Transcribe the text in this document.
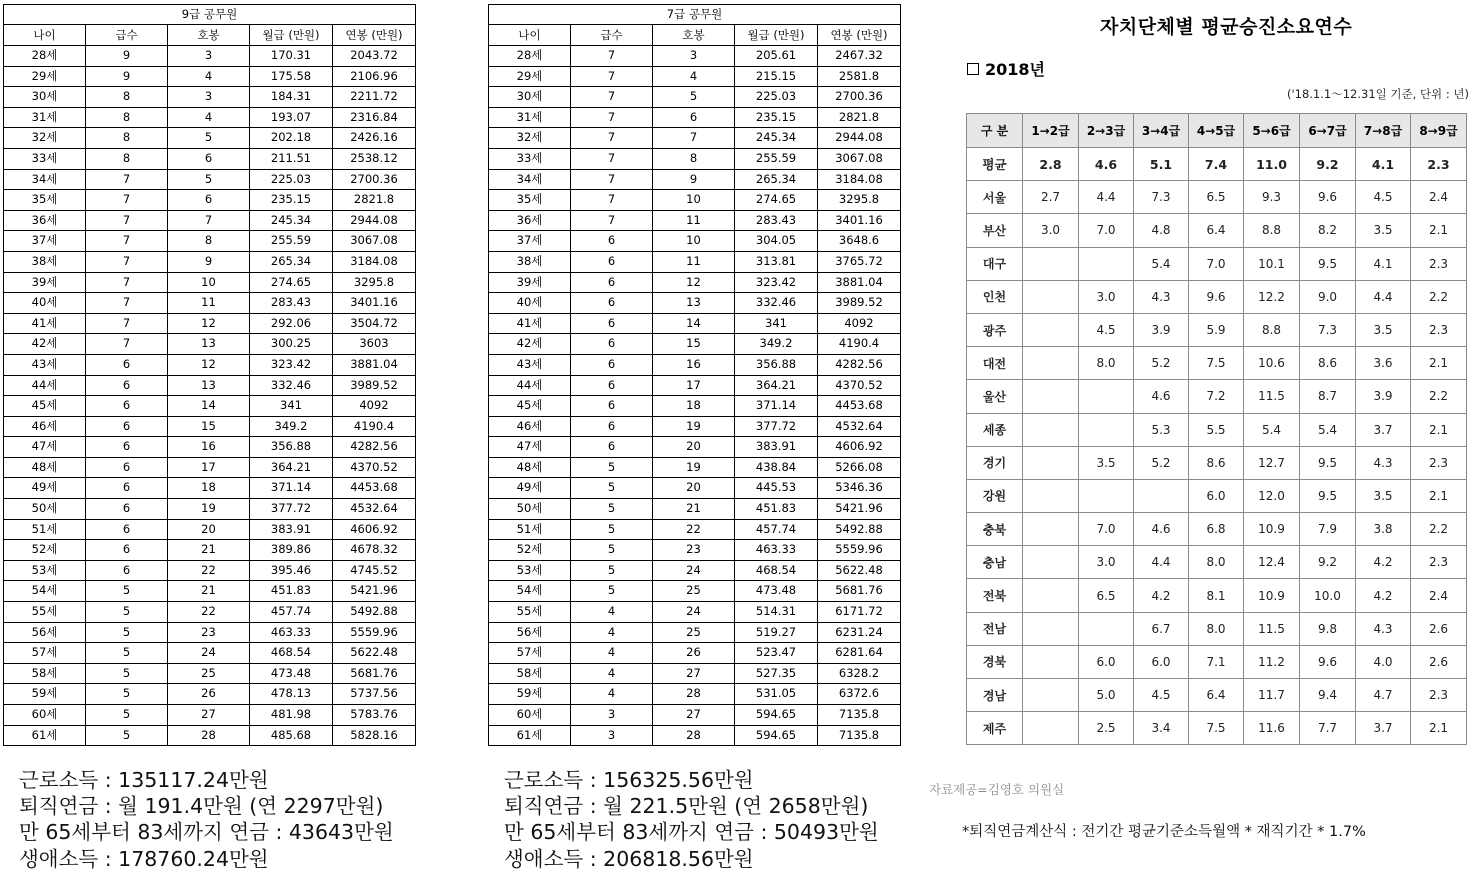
9급 공무원				
나이	급수	호봉	월급 (만원)	연봉 (만원)
28세	9	3	170.31	2043.72
29세	9	4	175.58	2106.96
30세	8	3	184.31	2211.72
31세	8	4	193.07	2316.84
32세	8	5	202.18	2426.16
33세	8	6	211.51	2538.12
34세	7	5	225.03	2700.36
35세	7	6	235.15	2821.8
36세	7	7	245.34	2944.08
37세	7	8	255.59	3067.08
38세	7	9	265.34	3184.08
39세	7	10	274.65	3295.8
40세	7	11	283.43	3401.16
41세	7	12	292.06	3504.72
42세	7	13	300.25	3603
43세	6	12	323.42	3881.04
44세	6	13	332.46	3989.52
45세	6	14	341	4092
46세	6	15	349.2	4190.4
47세	6	16	356.88	4282.56
48세	6	17	364.21	4370.52
49세	6	18	371.14	4453.68
50세	6	19	377.72	4532.64
51세	6	20	383.91	4606.92
52세	6	21	389.86	4678.32
53세	6	22	395.46	4745.52
54세	5	21	451.83	5421.96
55세	5	22	457.74	5492.88
56세	5	23	463.33	5559.96
57세	5	24	468.54	5622.48
58세	5	25	473.48	5681.76
59세	5	26	478.13	5737.56
60세	5	27	481.98	5783.76
61세	5	28	485.68	5828.16
7급 공무원				
나이	급수	호봉	월급 (만원)	연봉 (만원)
28세	7	3	205.61	2467.32
29세	7	4	215.15	2581.8
30세	7	5	225.03	2700.36
31세	7	6	235.15	2821.8
32세	7	7	245.34	2944.08
33세	7	8	255.59	3067.08
34세	7	9	265.34	3184.08
35세	7	10	274.65	3295.8
36세	7	11	283.43	3401.16
37세	6	10	304.05	3648.6
38세	6	11	313.81	3765.72
39세	6	12	323.42	3881.04
40세	6	13	332.46	3989.52
41세	6	14	341	4092
42세	6	15	349.2	4190.4
43세	6	16	356.88	4282.56
44세	6	17	364.21	4370.52
45세	6	18	371.14	4453.68
46세	6	19	377.72	4532.64
47세	6	20	383.91	4606.92
48세	5	19	438.84	5266.08
49세	5	20	445.53	5346.36
50세	5	21	451.83	5421.96
51세	5	22	457.74	5492.88
52세	5	23	463.33	5559.96
53세	5	24	468.54	5622.48
54세	5	25	473.48	5681.76
55세	4	24	514.31	6171.72
56세	4	25	519.27	6231.24
57세	4	26	523.47	6281.64
58세	4	27	527.35	6328.2
59세	4	28	531.05	6372.6
60세	3	27	594.65	7135.8
61세	3	28	594.65	7135.8
근로소득 : 135117.24만원
퇴직연금 : 월 191.4만원 (연 2297만원)
만 65세부터 83세까지 연금 : 43643만원
생애소득 : 178760.24만원
근로소득 : 156325.56만원
퇴직연금 : 월 221.5만원 (연 2658만원)
만 65세부터 83세까지 연금 : 50493만원
생애소득 : 206818.56만원
자치단체별 평균승진소요연수
2018년
('18.1.1～12.31일 기준, 단위 : 년)
구 분	1→2급	2→3급	3→4급	4→5급	5→6급	6→7급	7→8급	8→9급
평균	2.8	4.6	5.1	7.4	11.0	9.2	4.1	2.3
서울	2.7	4.4	7.3	6.5	9.3	9.6	4.5	2.4
부산	3.0	7.0	4.8	6.4	8.8	8.2	3.5	2.1
대구			5.4	7.0	10.1	9.5	4.1	2.3
인천		3.0	4.3	9.6	12.2	9.0	4.4	2.2
광주		4.5	3.9	5.9	8.8	7.3	3.5	2.3
대전		8.0	5.2	7.5	10.6	8.6	3.6	2.1
울산			4.6	7.2	11.5	8.7	3.9	2.2
세종			5.3	5.5	5.4	5.4	3.7	2.1
경기		3.5	5.2	8.6	12.7	9.5	4.3	2.3
강원				6.0	12.0	9.5	3.5	2.1
충북		7.0	4.6	6.8	10.9	7.9	3.8	2.2
충남		3.0	4.4	8.0	12.4	9.2	4.2	2.3
전북		6.5	4.2	8.1	10.9	10.0	4.2	2.4
전남			6.7	8.0	11.5	9.8	4.3	2.6
경북		6.0	6.0	7.1	11.2	9.6	4.0	2.6
경남		5.0	4.5	6.4	11.7	9.4	4.7	2.3
제주		2.5	3.4	7.5	11.6	7.7	3.7	2.1
자료제공=김영호 의원실
*퇴직연금계산식 : 전기간 평균기준소득월액 * 재직기간 * 1.7%
